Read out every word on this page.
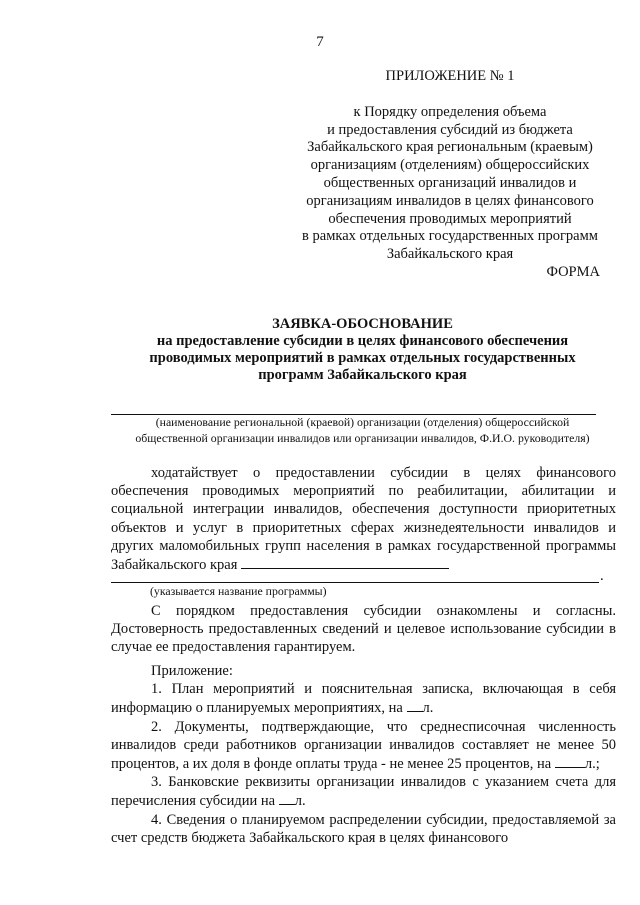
7
ПРИЛОЖЕНИЕ № 1
к Порядку определения объема
и предоставления субсидий из бюджета
Забайкальского края региональным (краевым)
организациям (отделениям) общероссийских
общественных организаций инвалидов и
организациям инвалидов в целях финансового
обеспечения проводимых мероприятий
в рамках отдельных государственных программ
Забайкальского края
ФОРМА
ЗАЯВКА-ОБОСНОВАНИЕ
на предоставление субсидии в целях финансового обеспечения
проводимых мероприятий в рамках отдельных государственных
программ Забайкальского края
(наименование региональной (краевой) организации (отделения) общероссийской
общественной организации инвалидов или организации инвалидов, Ф.И.О. руководителя)
ходатайствует о предоставлении субсидии в целях финансового обеспечения проводимых мероприятий по реабилитации, абилитации и социальной интеграции инвалидов, обеспечения доступности приоритетных объектов и услуг в приоритетных сферах жизнедеятельности инвалидов и других маломобильных групп населения в рамках государственной программы Забайкальского края
.
(указывается название программы)
С порядком предоставления субсидии ознакомлены и согласны. Достоверность предоставленных сведений и целевое использование субсидии в случае ее предоставления гарантируем.
Приложение:
1. План мероприятий и пояснительная записка, включающая в себя информацию о планируемых мероприятиях, на л.
2. Документы, подтверждающие, что среднесписочная численность инвалидов среди работников организации инвалидов составляет не менее 50 процентов, а их доля в фонде оплаты труда - не менее 25 процентов, на л.;
3. Банковские реквизиты организации инвалидов с указанием счета для перечисления субсидии на л.
4. Сведения о планируемом распределении субсидии, предоставляемой за счет средств бюджета Забайкальского края в целях финансового
